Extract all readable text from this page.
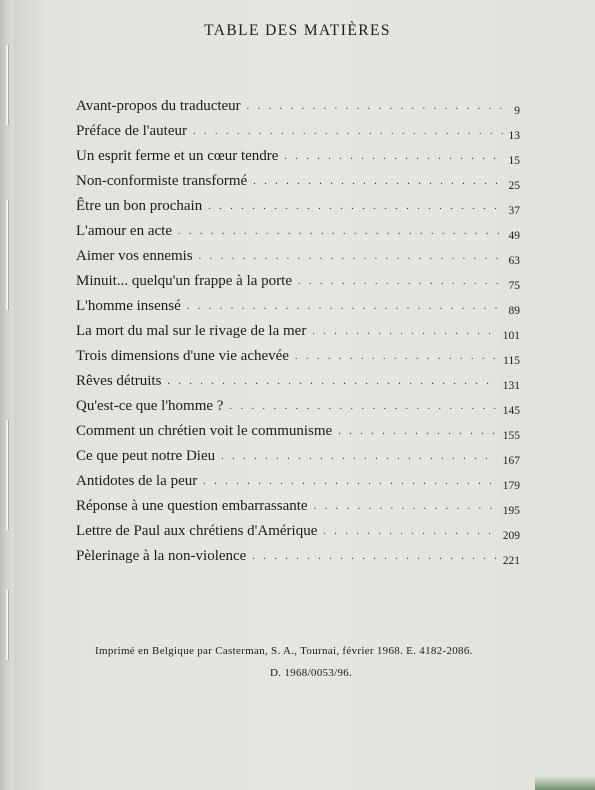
TABLE DES MATIÈRES
Avant-propos du traducteur . . .	9
Préface de l'auteur . . .	13
Un esprit ferme et un cœur tendre . . .	15
Non-conformiste transformé . . .	25
Être un bon prochain . . .	37
L'amour en acte . . .	49
Aimer vos ennemis . . .	63
Minuit... quelqu'un frappe à la porte . . .	75
L'homme insensé . . .	89
La mort du mal sur le rivage de la mer . . .	101
Trois dimensions d'une vie achevée . . .	115
Rêves détruits . . .	131
Qu'est-ce que l'homme ? . . .	145
Comment un chrétien voit le communisme . . .	155
Ce que peut notre Dieu . . .	167
Antidotes de la peur . . .	179
Réponse à une question embarrassante . . .	195
Lettre de Paul aux chrétiens d'Amérique . . .	209
Pèlerinage à la non-violence . . .	221
Imprimé en Belgique par Casterman, S. A., Tournai, février 1968. E. 4182-2086.
D. 1968/0053/96.
